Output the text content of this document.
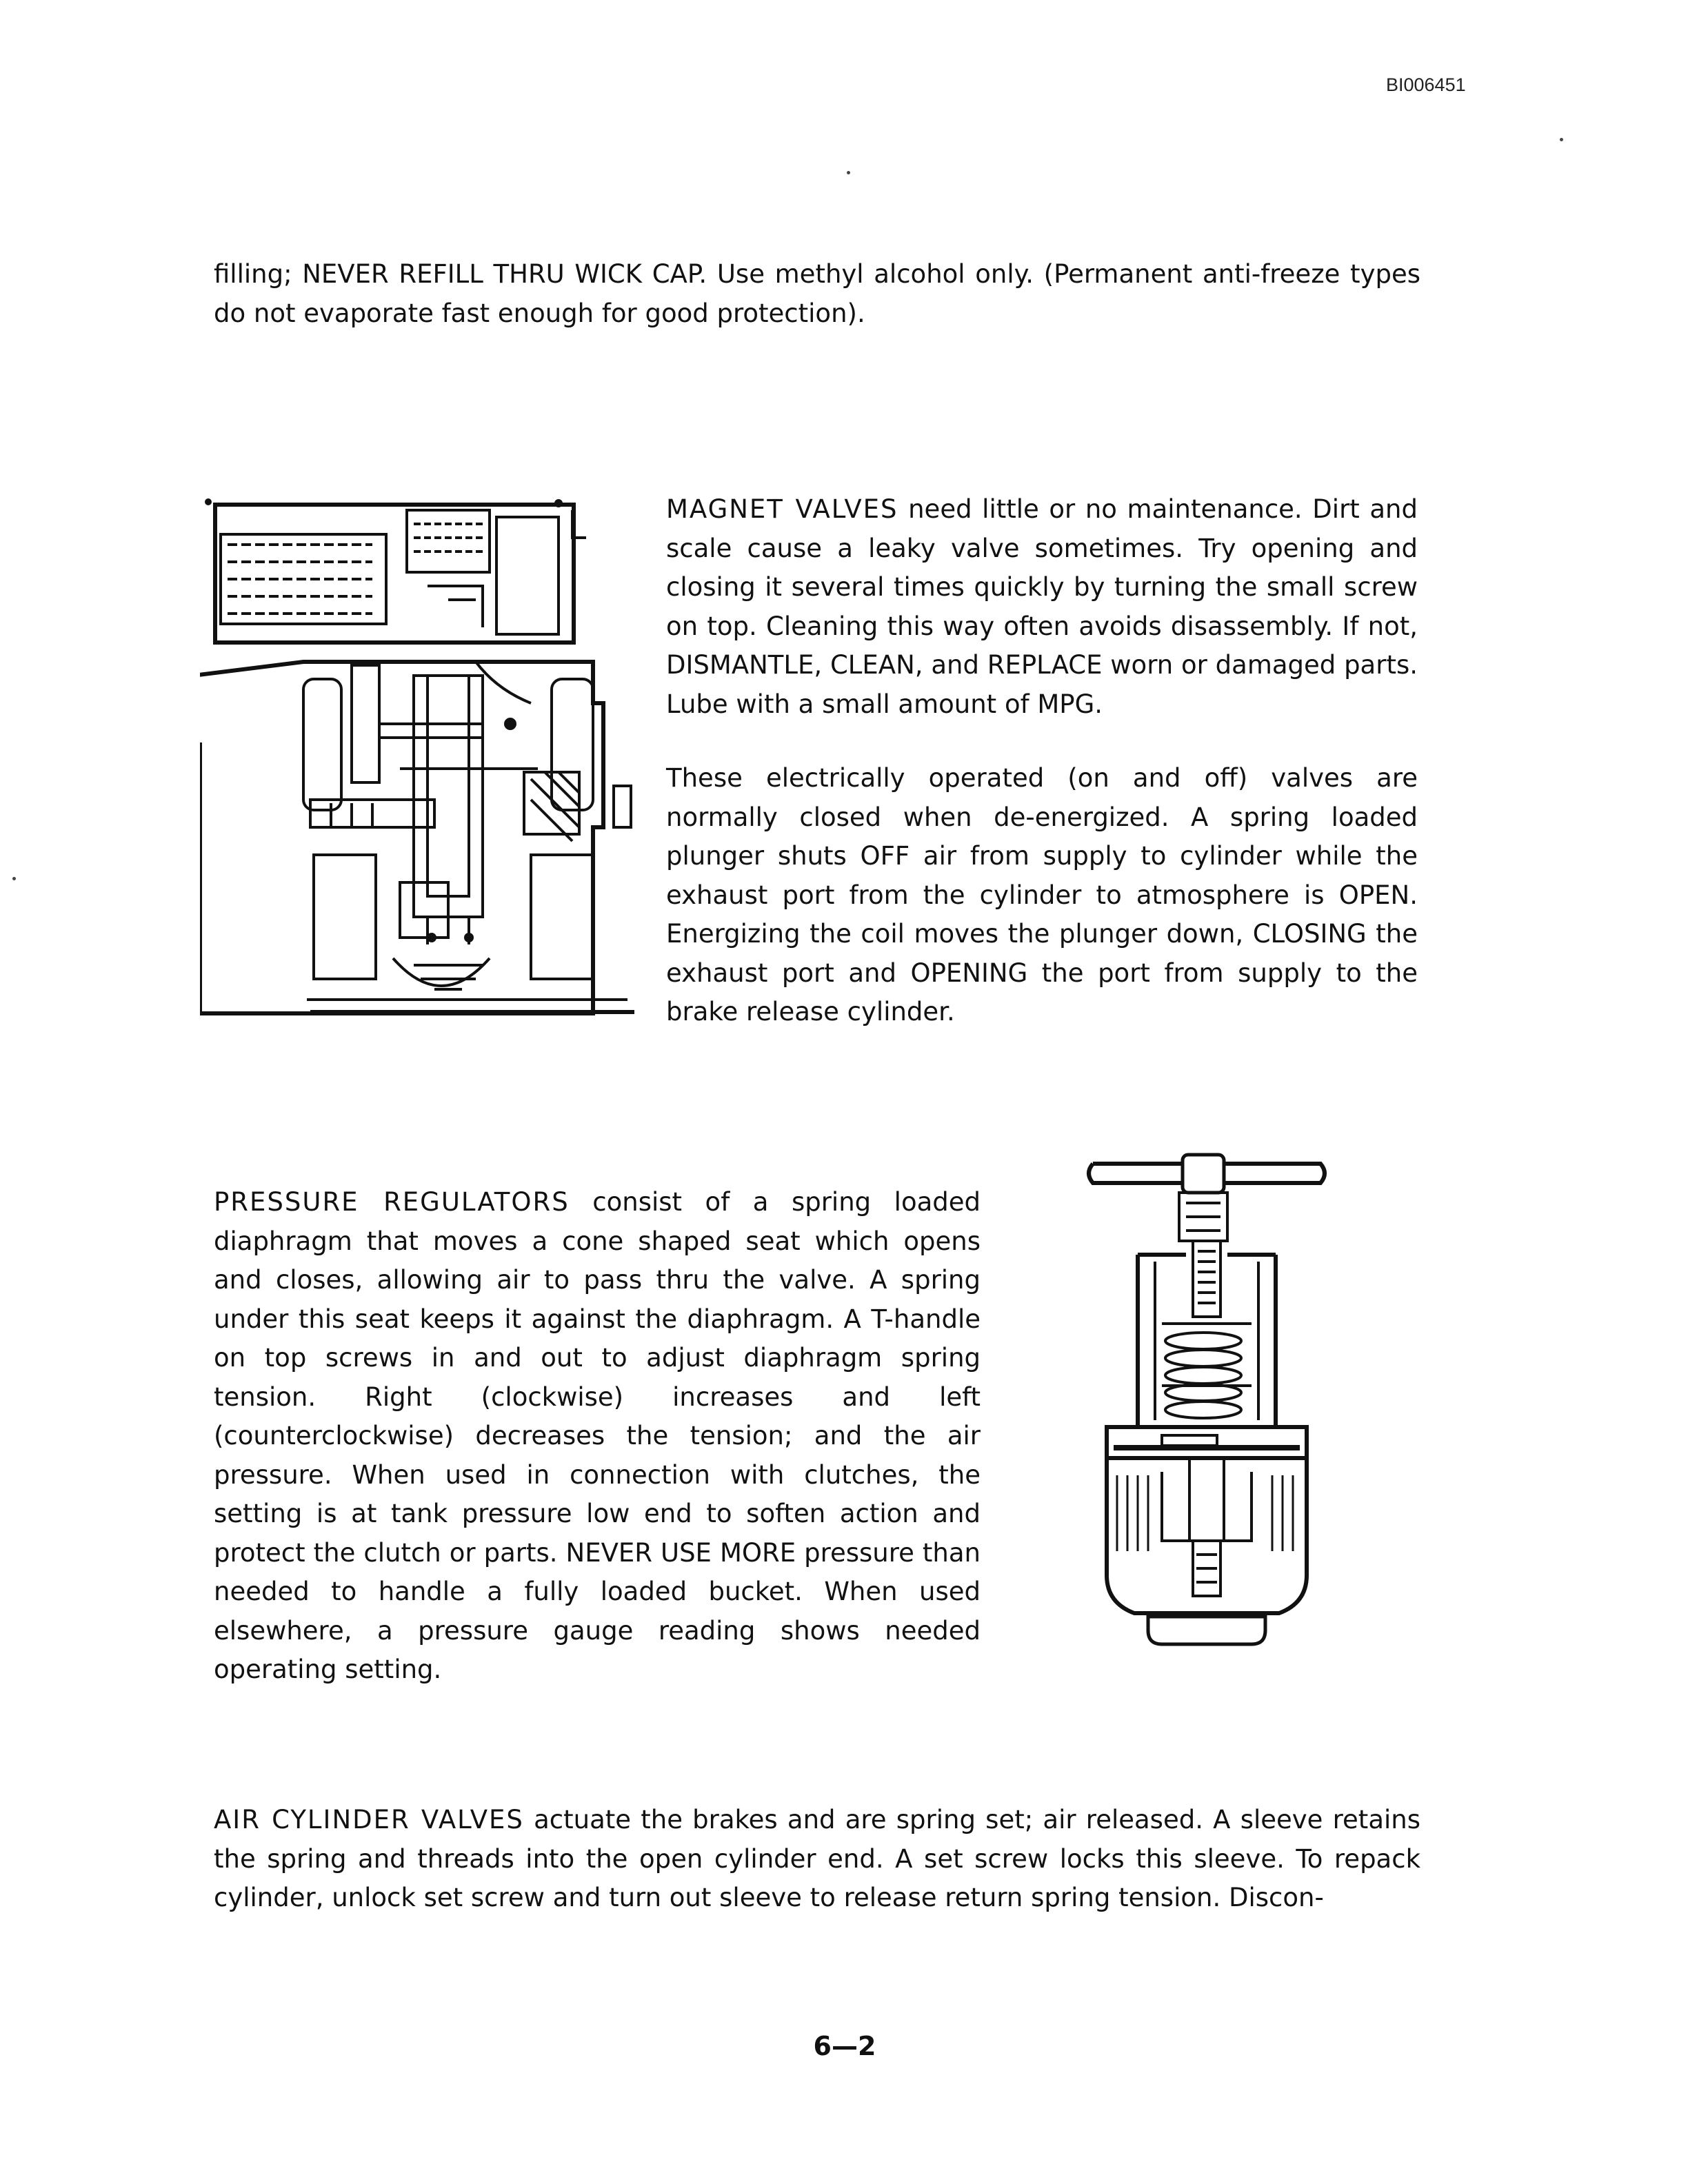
BI006451

filling; NEVER REFILL THRU WICK CAP. Use methyl alcohol only. (Permanent anti-freeze types do not evaporate fast enough for good protection).

MAGNET VALVES need little or no maintenance. Dirt and scale cause a leaky valve sometimes. Try opening and closing it several times quickly by turning the small screw on top. Cleaning this way often avoids disassembly. If not, DISMANTLE, CLEAN, and REPLACE worn or damaged parts. Lube with a small amount of MPG.

These electrically operated (on and off) valves are normally closed when de-energized. A spring loaded plunger shuts OFF air from supply to cylinder while the exhaust port from the cylinder to atmosphere is OPEN. Energizing the coil moves the plunger down, CLOSING the exhaust port and OPENING the port from supply to the brake release cylinder.

PRESSURE REGULATORS consist of a spring loaded diaphragm that moves a cone shaped seat which opens and closes, allowing air to pass thru the valve. A spring under this seat keeps it against the diaphragm. A T-handle on top screws in and out to adjust diaphragm spring tension. Right (clockwise) increases and left (counterclockwise) decreases the tension; and the air pressure. When used in connection with clutches, the setting is at tank pressure low end to soften action and protect the clutch or parts. NEVER USE MORE pressure than needed to handle a fully loaded bucket. When used elsewhere, a pressure gauge reading shows needed operating setting.

AIR CYLINDER VALVES actuate the brakes and are spring set; air released. A sleeve retains the spring and threads into the open cylinder end. A set screw locks this sleeve. To repack cylinder, unlock set screw and turn out sleeve to release return spring tension. Discon-

6—2
